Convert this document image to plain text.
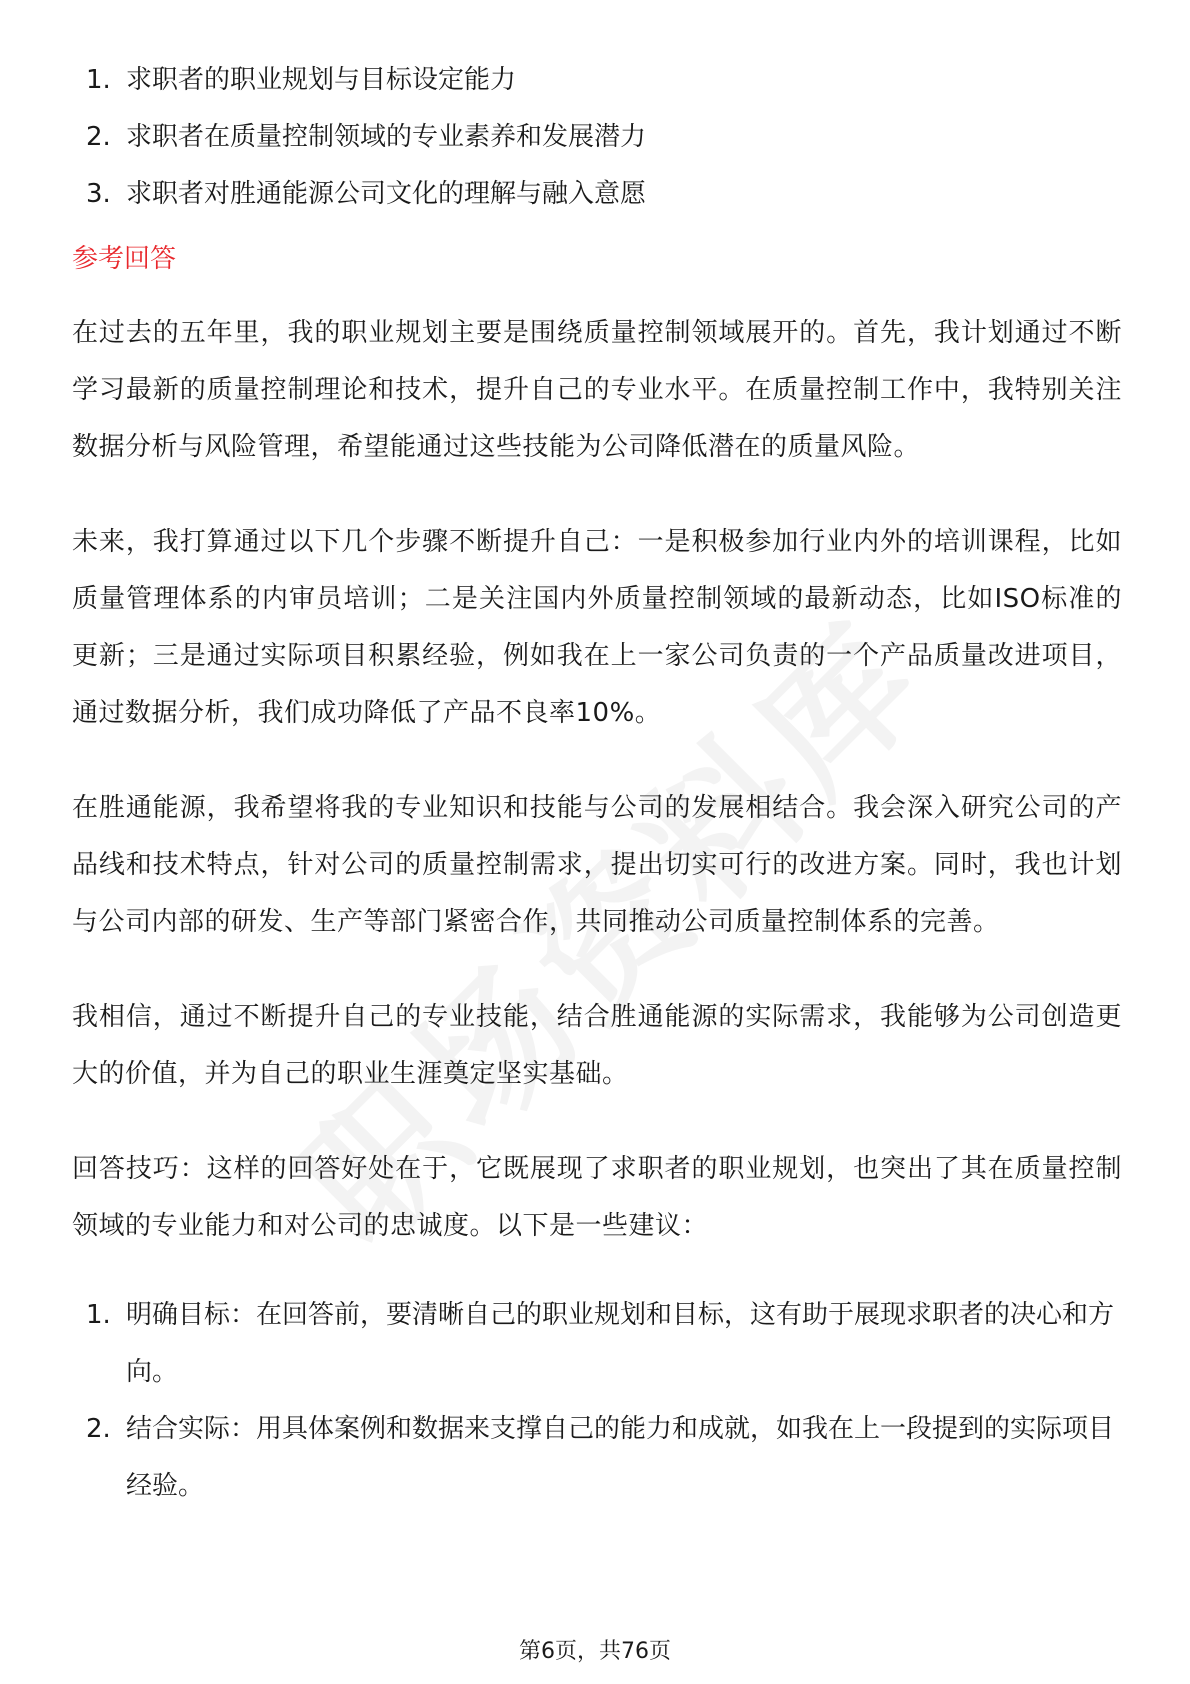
1. 求职者的职业规划与目标设定能力
2. 求职者在质量控制领域的专业素养和发展潜力
3. 求职者对胜通能源公司文化的理解与融入意愿
参考回答

在过去的五年里，我的职业规划主要是围绕质量控制领域展开的。首先，我计划通过不断学习最新的质量控制理论和技术，提升自己的专业水平。在质量控制工作中，我特别关注数据分析与风险管理，希望能通过这些技能为公司降低潜在的质量风险。

未来，我打算通过以下几个步骤不断提升自己：一是积极参加行业内外的培训课程，比如质量管理体系的内审员培训；二是关注国内外质量控制领域的最新动态，比如ISO标准的更新；三是通过实际项目积累经验，例如我在上一家公司负责的一个产品质量改进项目，通过数据分析，我们成功降低了产品不良率10%。

在胜通能源，我希望将我的专业知识和技能与公司的发展相结合。我会深入研究公司的产品线和技术特点，针对公司的质量控制需求，提出切实可行的改进方案。同时，我也计划与公司内部的研发、生产等部门紧密合作，共同推动公司质量控制体系的完善。

我相信，通过不断提升自己的专业技能，结合胜通能源的实际需求，我能够为公司创造更大的价值，并为自己的职业生涯奠定坚实基础。

回答技巧：这样的回答好处在于，它既展现了求职者的职业规划，也突出了其在质量控制领域的专业能力和对公司的忠诚度。以下是一些建议：

1. 明确目标：在回答前，要清晰自己的职业规划和目标，这有助于展现求职者的决心和方向。
2. 结合实际：用具体案例和数据来支撑自己的能力和成就，如我在上一段提到的实际项目经验。
第6页，共76页
